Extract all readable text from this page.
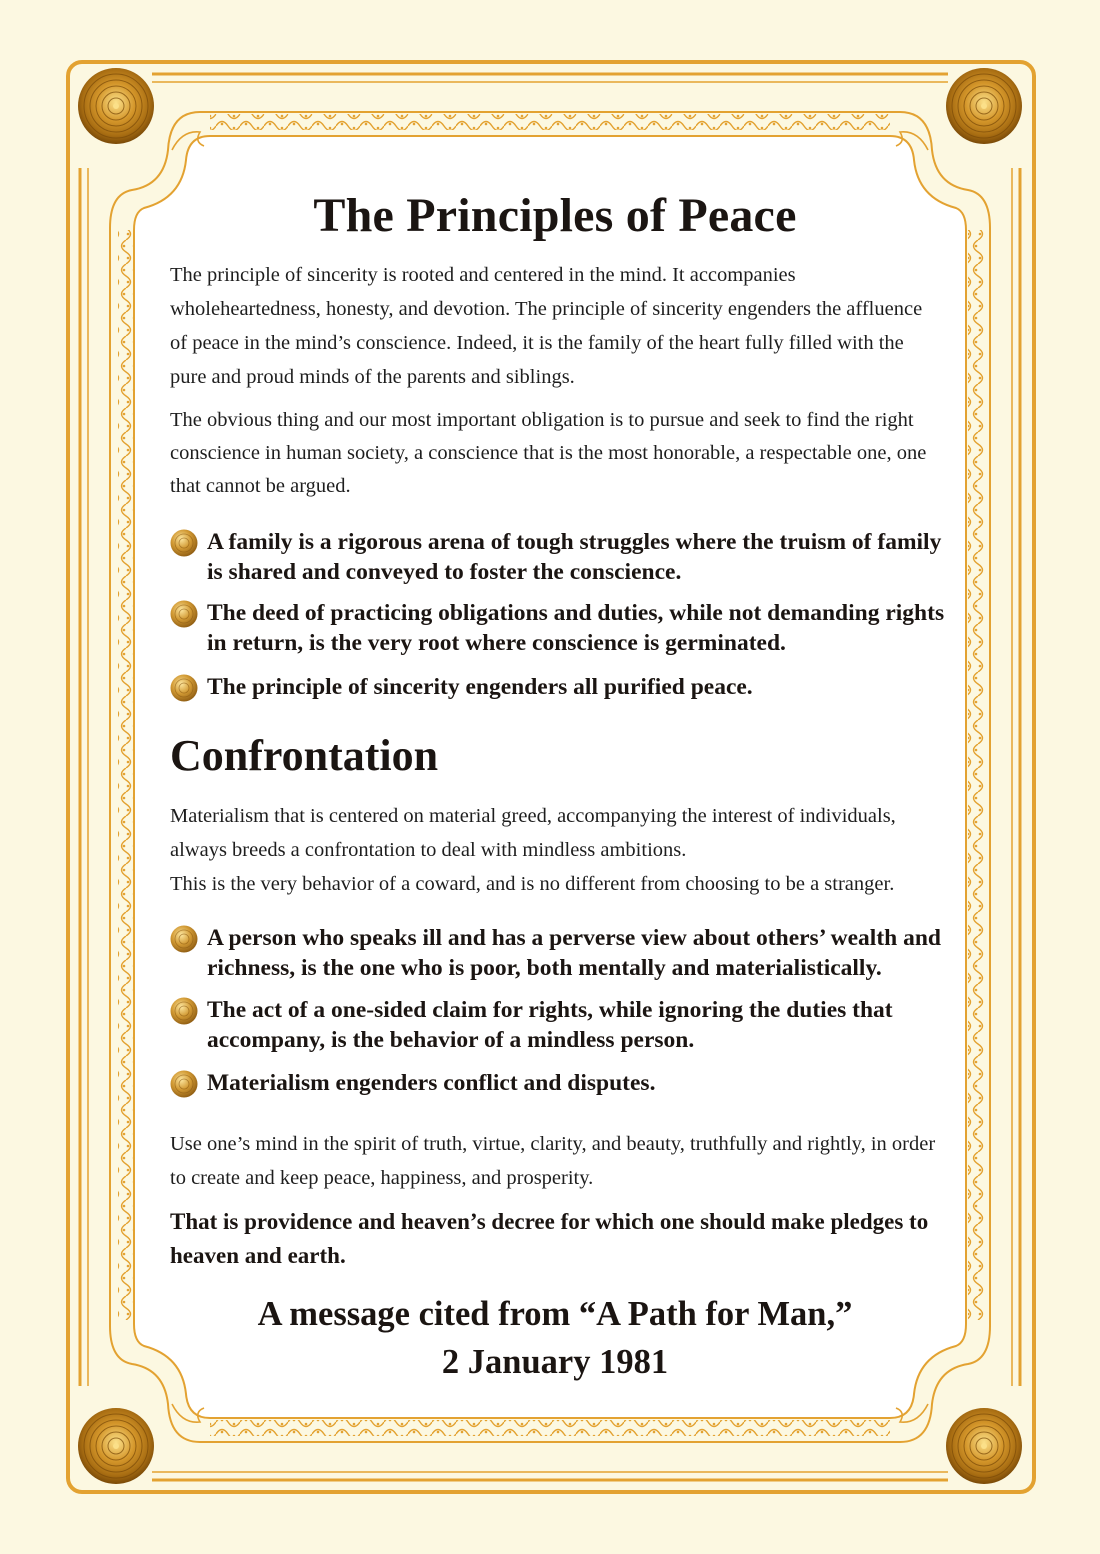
The Principles of Peace
The principle of sincerity is rooted and centered in the mind. It accompanies wholeheartedness, honesty, and devotion. The principle of sincerity engenders the affluence of peace in the mind’s conscience. Indeed, it is the family of the heart fully filled with the pure and proud minds of the parents and siblings.
The obvious thing and our most important obligation is to pursue and seek to find the right conscience in human society, a conscience that is the most honorable, a respectable one, one that cannot be argued.
A family is a rigorous arena of tough struggles where the truism of family is shared and conveyed to foster the conscience.
The deed of practicing obligations and duties, while not demanding rights in return, is the very root where conscience is germinated.
The principle of sincerity engenders all purified peace.
Confrontation
Materialism that is centered on material greed, accompanying the interest of individuals, always breeds a confrontation to deal with mindless ambitions.
This is the very behavior of a coward, and is no different from choosing to be a stranger.
A person who speaks ill and has a perverse view about others’ wealth and richness, is the one who is poor, both mentally and materialistically.
The act of a one-sided claim for rights, while ignoring the duties that accompany, is the behavior of a mindless person.
Materialism engenders conflict and disputes.
Use one’s mind in the spirit of truth, virtue, clarity, and beauty, truthfully and rightly, in order to create and keep peace, happiness, and prosperity.
That is providence and heaven’s decree for which one should make pledges to heaven and earth.
A message cited from “A Path for Man,”
2 January 1981
